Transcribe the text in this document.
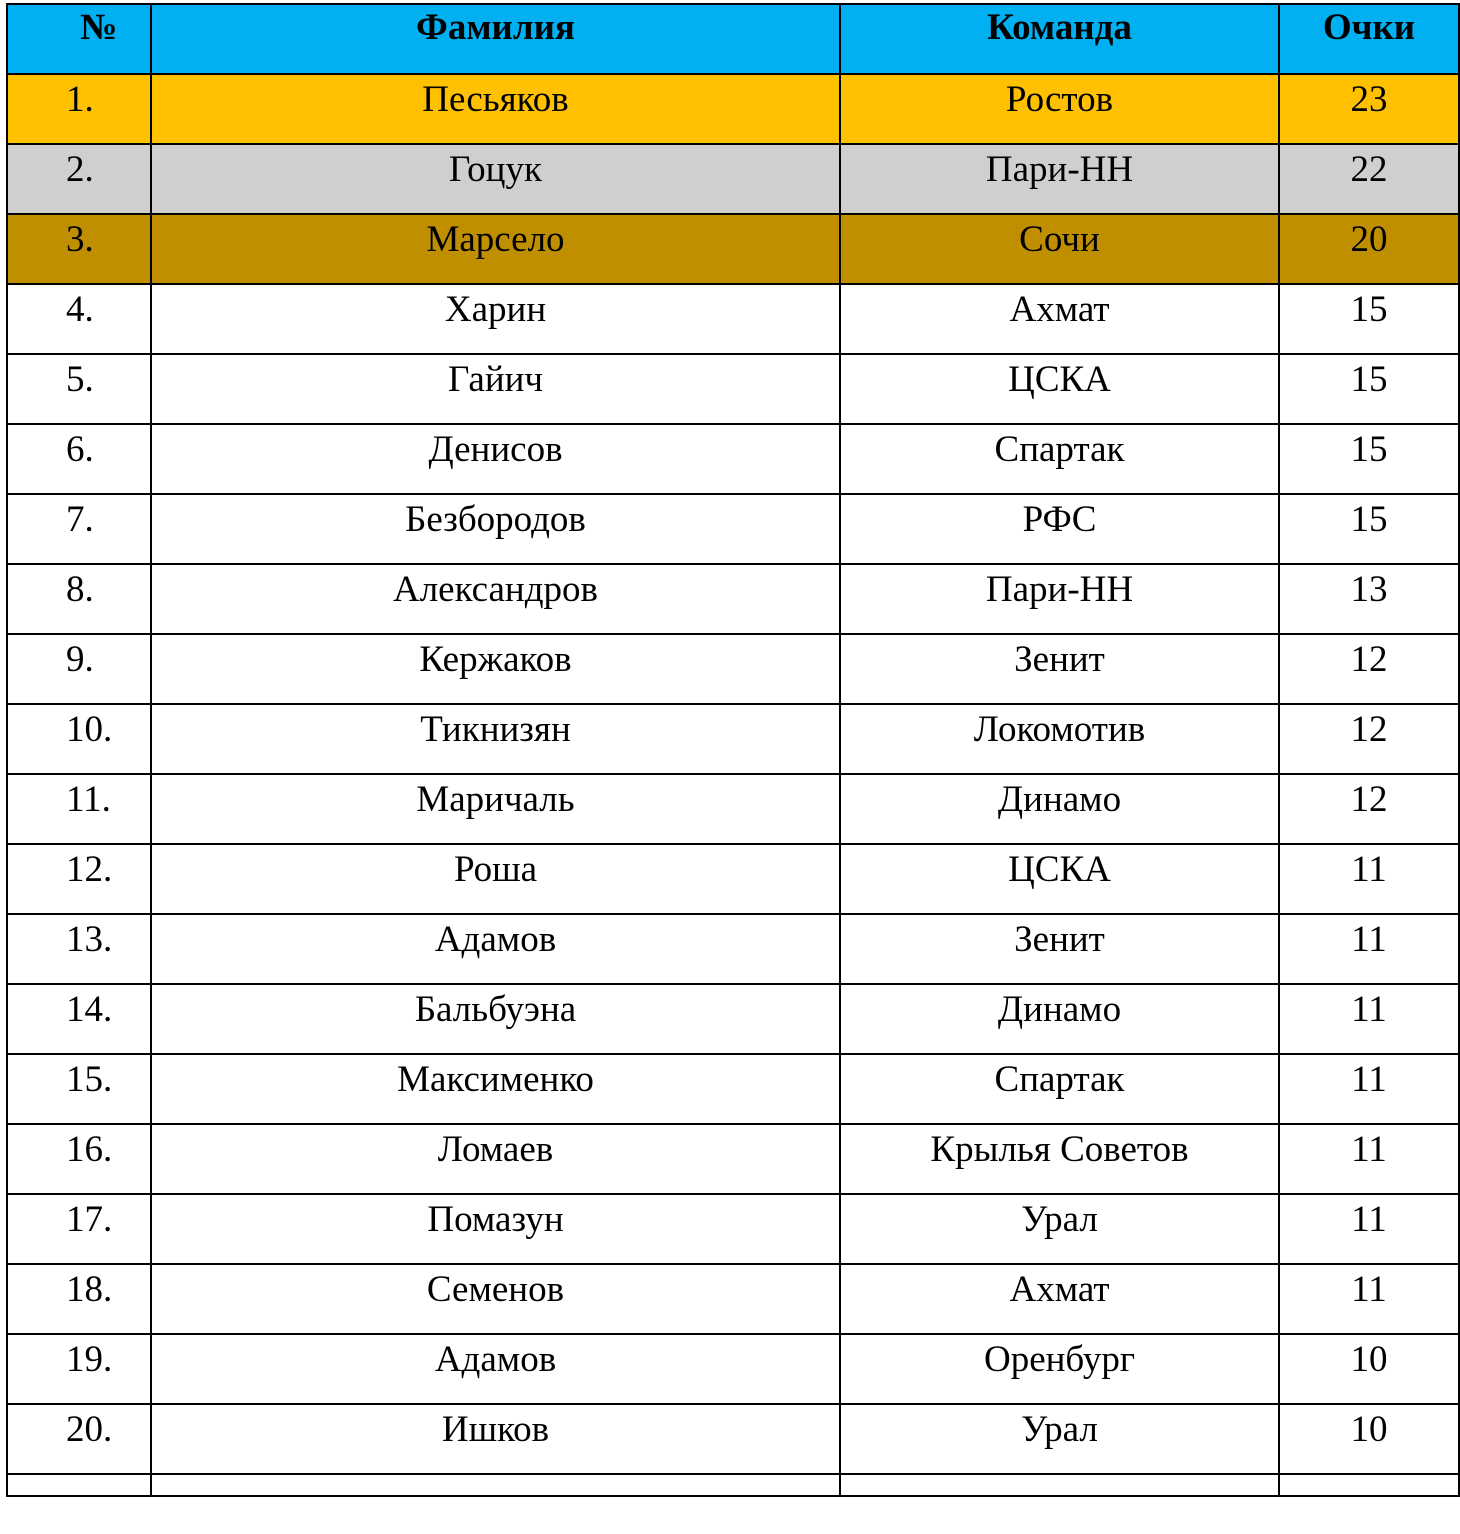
№	Фамилия	Команда	Очки
1.	Песьяков	Ростов	23
2.	Гоцук	Пари-НН	22
3.	Марсело	Сочи	20
4.	Харин	Ахмат	15
5.	Гайич	ЦСКА	15
6.	Денисов	Спартак	15
7.	Безбородов	РФС	15
8.	Александров	Пари-НН	13
9.	Кержаков	Зенит	12
10.	Тикнизян	Локомотив	12
11.	Маричаль	Динамо	12
12.	Роша	ЦСКА	11
13.	Адамов	Зенит	11
14.	Бальбуэна	Динамо	11
15.	Максименко	Спартак	11
16.	Ломаев	Крылья Советов	11
17.	Помазун	Урал	11
18.	Семенов	Ахмат	11
19.	Адамов	Оренбург	10
20.	Ишков	Урал	10
